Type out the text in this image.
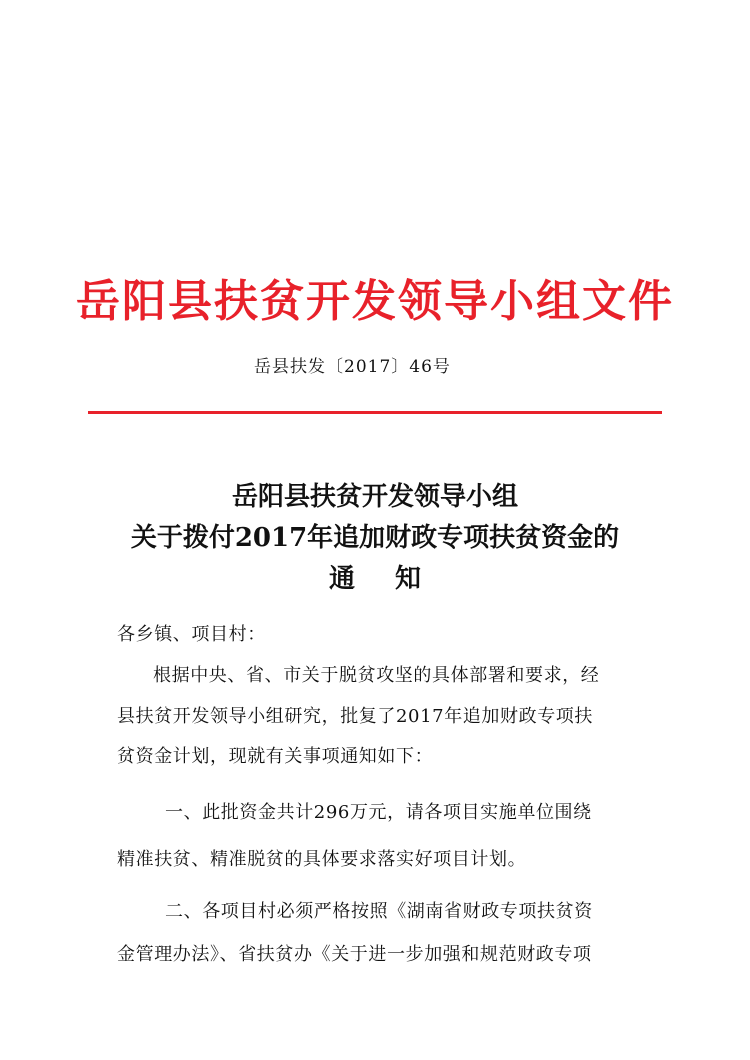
岳阳县扶贫开发领导小组文件
岳县扶发〔2017〕46号
岳阳县扶贫开发领导小组
关于拨付2017年追加财政专项扶贫资金的
通知
各乡镇、项目村：
根据中央、省、市关于脱贫攻坚的具体部署和要求，经
县扶贫开发领导小组研究，批复了2017年追加财政专项扶
贫资金计划，现就有关事项通知如下：
一、此批资金共计296万元，请各项目实施单位围绕
精准扶贫、精准脱贫的具体要求落实好项目计划。
二、各项目村必须严格按照《湖南省财政专项扶贫资
金管理办法》、省扶贫办《关于进一步加强和规范财政专项
